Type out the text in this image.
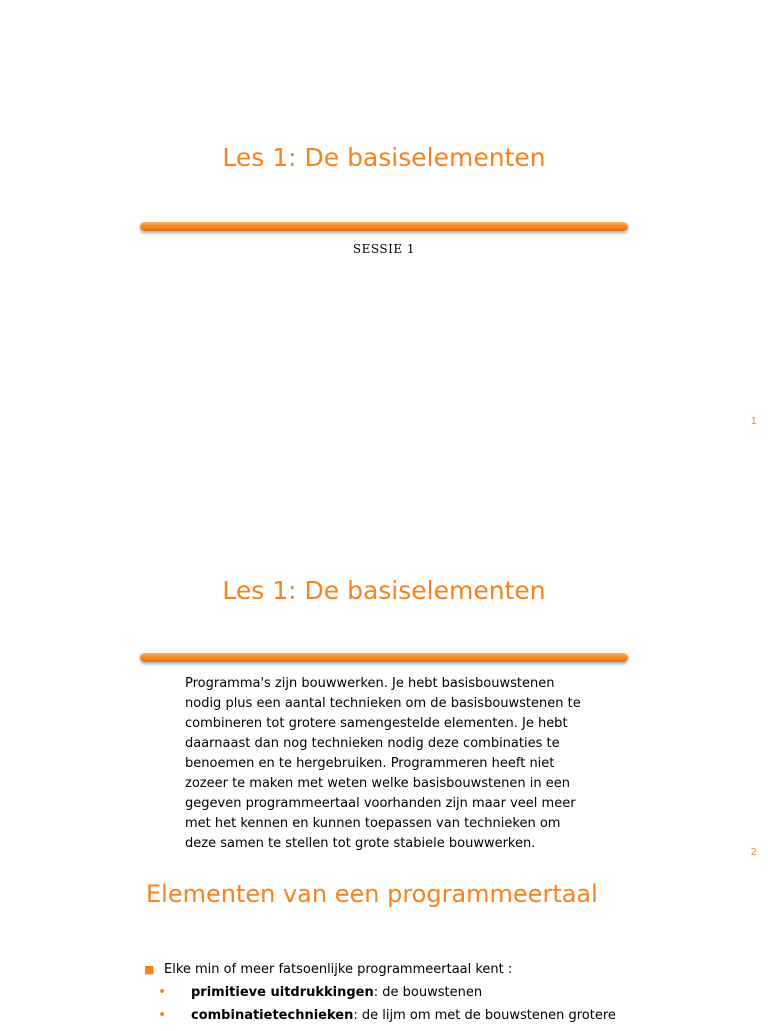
Les 1: De basiselementen
SESSIE 1
1
Les 1: De basiselementen

Programma's zijn bouwwerken. Je hebt basisbouwstenen

nodig plus een aantal technieken om de basisbouwstenen te

combineren tot grotere samengestelde elementen. Je hebt

daarnaast dan nog technieken nodig deze combinaties te

benoemen en te hergebruiken. Programmeren heeft niet

zozeer te maken met weten welke basisbouwstenen in een

gegeven programmeertaal voorhanden zijn maar veel meer

met het kennen en kunnen toepassen van technieken om

deze samen te stellen tot grote stabiele bouwwerken.

2
Elementen van een programmeertaal
■ Elke min of meer fatsoenlijke programmeertaal kent :
• primitieve uitdrukkingen: de bouwstenen
• combinatietechnieken: de lijm om met de bouwstenen grotere
